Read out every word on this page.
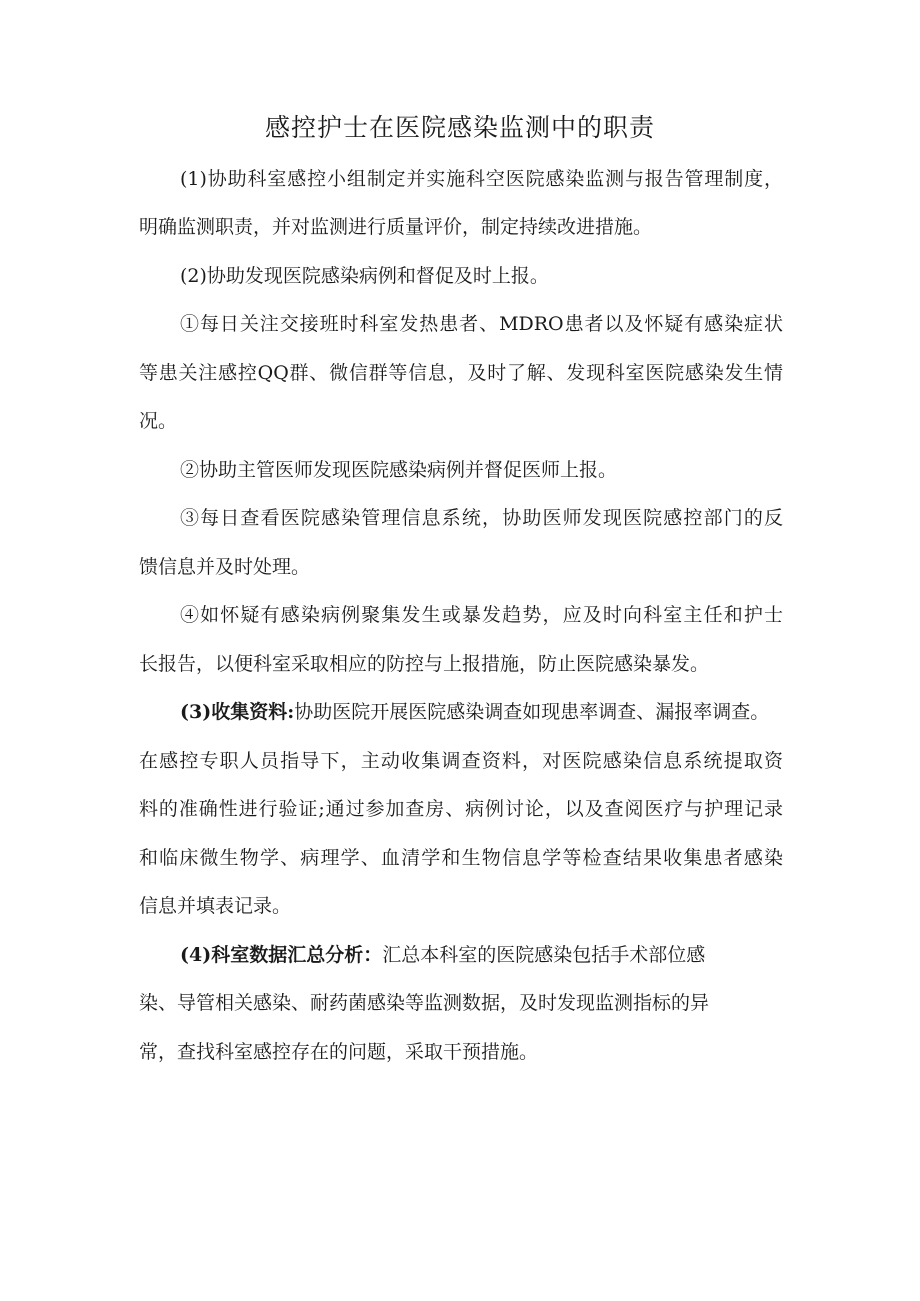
感控护士在医院感染监测中的职责
(1)协助科室感控小组制定并实施科空医院感染监测与报告管理制度，
明确监测职责，并对监测进行质量评价，制定持续改进措施。
(2)协助发现医院感染病例和督促及时上报。
①每日关注交接班时科室发热患者、MDRO患者以及怀疑有感染症状
等患关注感控QQ群、微信群等信息，及时了解、发现科室医院感染发生情
况。
②协助主管医师发现医院感染病例并督促医师上报。
③每日查看医院感染管理信息系统，协助医师发现医院感控部门的反
馈信息并及时处理。
④如怀疑有感染病例聚集发生或暴发趋势，应及时向科室主任和护士
长报告，以便科室采取相应的防控与上报措施，防止医院感染暴发。
(3)收集资料:协助医院开展医院感染调查如现患率调查、漏报率调查。
在感控专职人员指导下，主动收集调查资料，对医院感染信息系统提取资
料的准确性进行验证;通过参加查房、病例讨论，以及查阅医疗与护理记录
和临床微生物学、病理学、血清学和生物信息学等检查结果收集患者感染
信息并填表记录。
(4)科室数据汇总分析：汇总本科室的医院感染包括手术部位感
染、导管相关感染、耐药菌感染等监测数据，及时发现监测指标的异
常，查找科室感控存在的问题，采取干预措施。
